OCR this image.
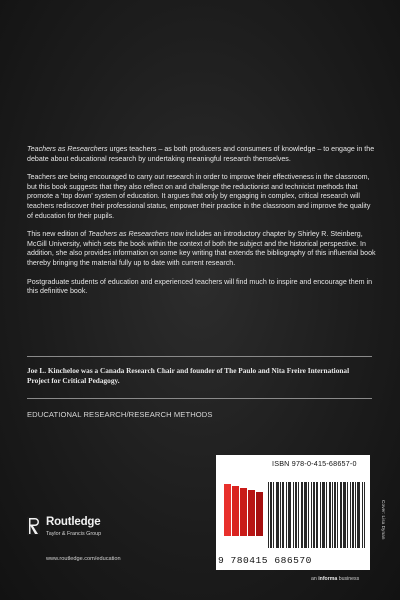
Teachers as Researchers urges teachers – as both producers and consumers of knowledge – to engage in the debate about educational research by undertaking meaningful research themselves.

Teachers are being encouraged to carry out research in order to improve their effectiveness in the classroom, but this book suggests that they also reflect on and challenge the reductionist and technicist methods that promote a ‘top down’ system of education. It argues that only by engaging in complex, critical research will teachers rediscover their professional status, empower their practice in the classroom and improve the quality of education for their pupils.

This new edition of Teachers as Researchers now includes an introductory chapter by Shirley R. Steinberg, McGill University, which sets the book within the context of both the subject and the historical perspective. In addition, she also provides information on some key writing that extends the bibliography of this influential book thereby bringing the material fully up to date with current research.

Postgraduate students of education and experienced teachers will find much to inspire and encourage them in this definitive book.

Joe L. Kincheloe was a Canada Research Chair and founder of The Paulo and Nita Freire International Project for Critical Pedagogy.
EDUCATIONAL RESEARCH/RESEARCH METHODS
Routledge
Taylor & Francis Group
www.routledge.com/education
ISBN 978-0-415-68657-0
9 780415 686570
an informa business
Cover: Lisa Dynan
